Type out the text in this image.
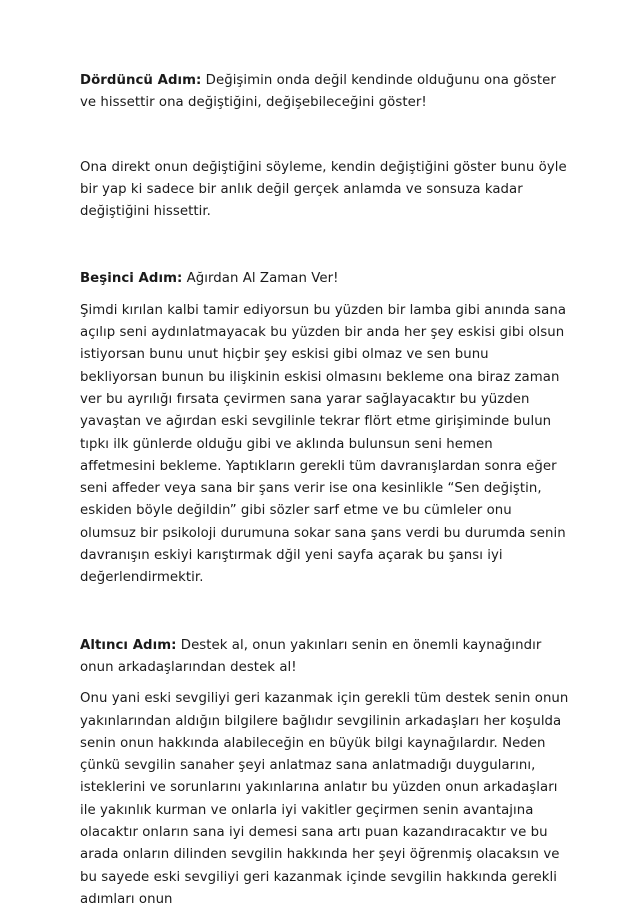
Dördüncü Adım: Değişimin onda değil kendinde olduğunu ona göster ve hissettir ona değiştiğini, değişebileceğini göster!

Ona direkt onun değiştiğini söyleme, kendin değiştiğini göster bunu öyle bir yap ki sadece bir anlık değil gerçek anlamda ve sonsuza kadar değiştiğini hissettir.

Beşinci Adım: Ağırdan Al Zaman Ver!

Şimdi kırılan kalbi tamir ediyorsun bu yüzden bir lamba gibi anında sana açılıp seni aydınlatmayacak bu yüzden bir anda her şey eskisi gibi olsun istiyorsan bunu unut hiçbir şey eskisi gibi olmaz ve sen bunu bekliyorsan bunun bu ilişkinin eskisi olmasını bekleme ona biraz zaman ver bu ayrılığı fırsata çevirmen sana yarar sağlayacaktır bu yüzden yavaştan ve ağırdan eski sevgilinle tekrar flört etme girişiminde bulun tıpkı ilk günlerde olduğu gibi ve aklında bulunsun seni hemen affetmesini bekleme. Yaptıkların gerekli tüm davranışlardan sonra eğer seni affeder veya sana bir şans verir ise ona kesinlikle “Sen değiştin, eskiden böyle değildin” gibi sözler sarf etme ve bu cümleler onu olumsuz bir psikoloji durumuna sokar sana şans verdi bu durumda senin davranışın eskiyi karıştırmak dğil yeni sayfa açarak bu şansı iyi değerlendirmektir.

Altıncı Adım: Destek al, onun yakınları senin en önemli kaynağındır onun arkadaşlarından destek al!

Onu yani eski sevgiliyi geri kazanmak için gerekli tüm destek senin onun yakınlarından aldığın bilgilere bağlıdır sevgilinin arkadaşları her koşulda senin onun hakkında alabileceğin en büyük bilgi kaynağılardır. Neden çünkü sevgilin sanaher şeyi anlatmaz sana anlatmadığı duygularını, isteklerini ve sorunlarını yakınlarına anlatır bu yüzden onun arkadaşları ile yakınlık kurman ve onlarla iyi vakitler geçirmen senin avantajına olacaktır onların sana iyi demesi sana artı puan kazandıracaktır ve bu arada onların dilinden sevgilin hakkında her şeyi öğrenmiş olacaksın ve bu sayede eski sevgiliyi geri kazanmak içinde sevgilin hakkında gerekli adımları onun
